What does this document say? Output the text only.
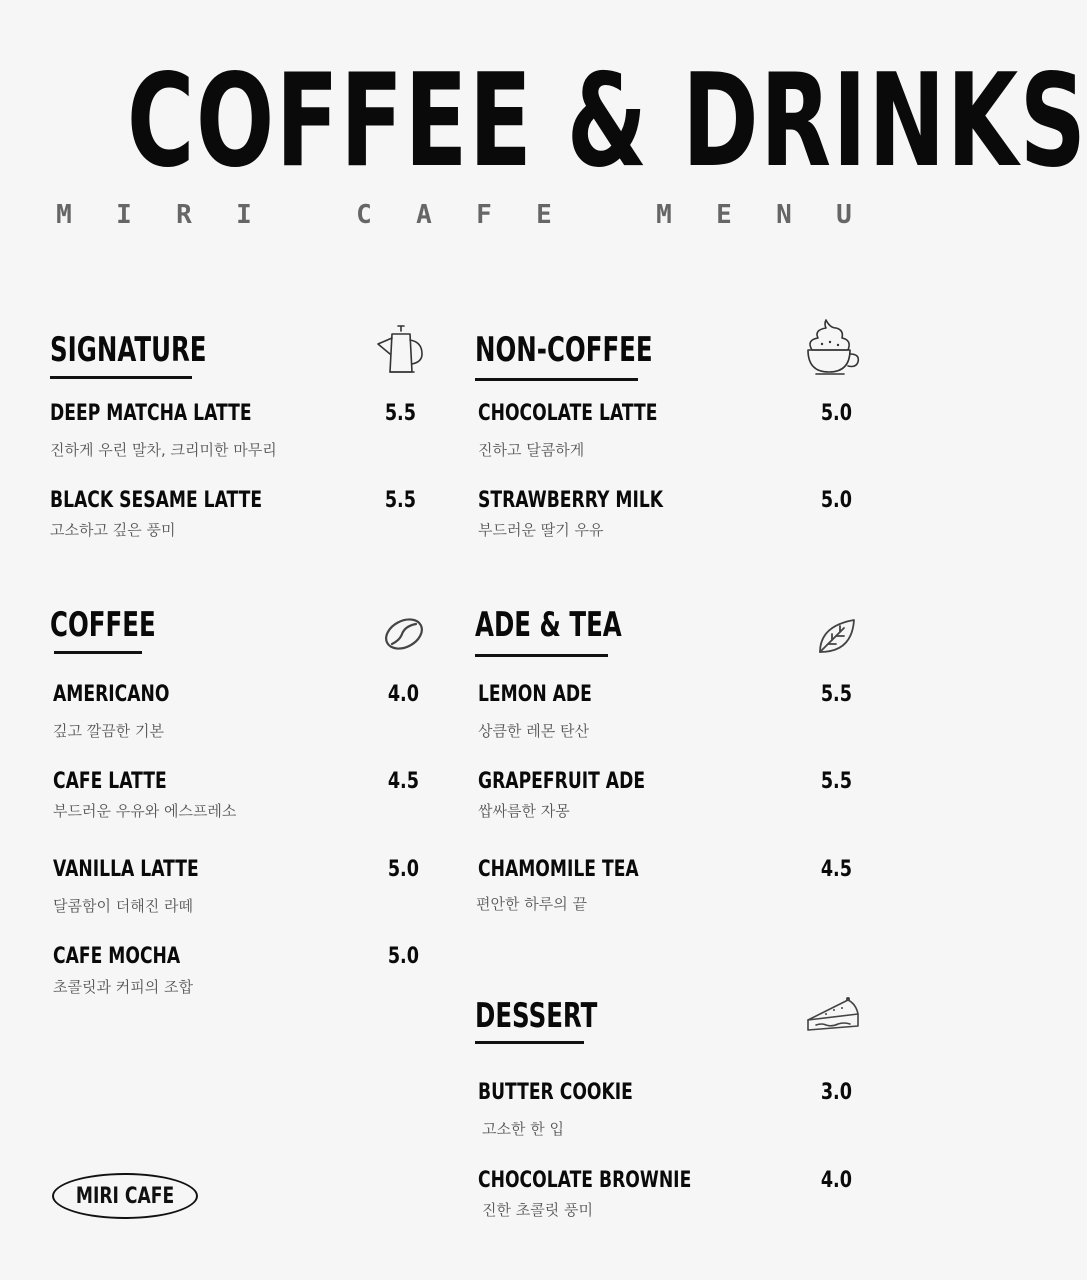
COFFEE & DRINKS
M I R I	C A F E	M E N U
SIGNATURE
DEEP MATCHA LATTE	5.5
진하게 우린 말차, 크리미한 마무리
BLACK SESAME LATTE	5.5
고소하고 깊은 풍미
NON-COFFEE
CHOCOLATE LATTE	5.0
진하고 달콤하게
STRAWBERRY MILK	5.0
부드러운 딸기 우유
COFFEE
AMERICANO	4.0
깊고 깔끔한 기본
CAFE LATTE	4.5
부드러운 우유와 에스프레소
VANILLA LATTE	5.0
달콤함이 더해진 라떼
CAFE MOCHA	5.0
초콜릿과 커피의 조합
ADE & TEA
LEMON ADE	5.5
상큼한 레몬 탄산
GRAPEFRUIT ADE	5.5
쌉싸름한 자몽
CHAMOMILE TEA	4.5
편안한 하루의 끝
DESSERT
BUTTER COOKIE	3.0
고소한 한 입
CHOCOLATE BROWNIE	4.0
진한 초콜릿 풍미
MIRI CAFE
